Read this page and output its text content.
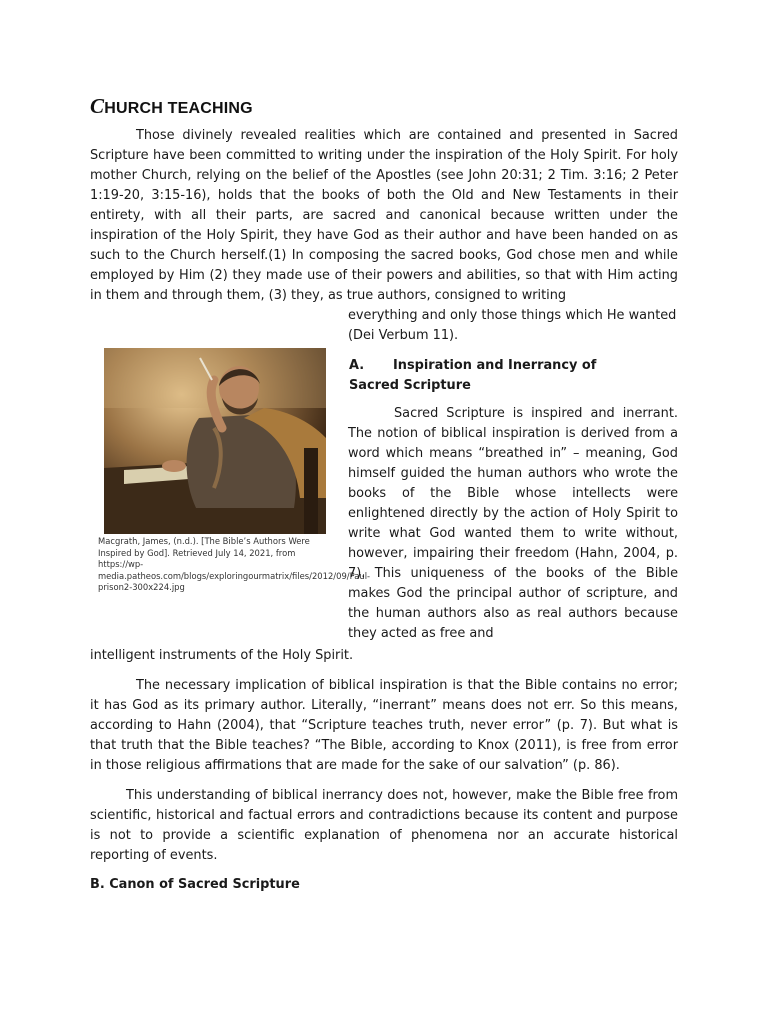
CHURCH TEACHING

Those divinely revealed realities which are contained and presented in Sacred Scripture have been committed to writing under the inspiration of the Holy Spirit. For holy mother Church, relying on the belief of the Apostles (see John 20:31; 2 Tim. 3:16; 2 Peter 1:19-20, 3:15-16), holds that the books of both the Old and New Testaments in their entirety, with all their parts, are sacred and canonical because written under the inspiration of the Holy Spirit, they have God as their author and have been handed on as such to the Church herself.(1) In composing the sacred books, God chose men and while employed by Him (2) they made use of their powers and abilities, so that with Him acting in them and through them, (3) they, as true authors, consigned to writing

everything and only those things which He wanted (Dei Verbum 11).

Macgrath, James, (n.d.). [The Bible’s Authors Were Inspired by God]. Retrieved July 14, 2021, from https://wp-media.patheos.com/blogs/exploringourmatrix/files/2012/09/Paul-prison2-300x224.jpg
A. Inspiration and Inerrancy of Sacred Scripture

Sacred Scripture is inspired and inerrant. The notion of biblical inspiration is derived from a word which means “breathed in” – meaning, God himself guided the human authors who wrote the books of the Bible whose intellects were enlightened directly by the action of Holy Spirit to write what God wanted them to write without, however, impairing their freedom (Hahn, 2004, p. 7). This uniqueness of the books of the Bible makes God the principal author of scripture, and the human authors also as real authors because they acted as free and

intelligent instruments of the Holy Spirit.

The necessary implication of biblical inspiration is that the Bible contains no error; it has God as its primary author. Literally, “inerrant” means does not err. So this means, according to Hahn (2004), that “Scripture teaches truth, never error” (p. 7). But what is that truth that the Bible teaches? “The Bible, according to Knox (2011), is free from error in those religious affirmations that are made for the sake of our salvation” (p. 86).

This understanding of biblical inerrancy does not, however, make the Bible free from scientific, historical and factual errors and contradictions because its content and purpose is not to provide a scientific explanation of phenomena nor an accurate historical reporting of events.

B. Canon of Sacred Scripture
